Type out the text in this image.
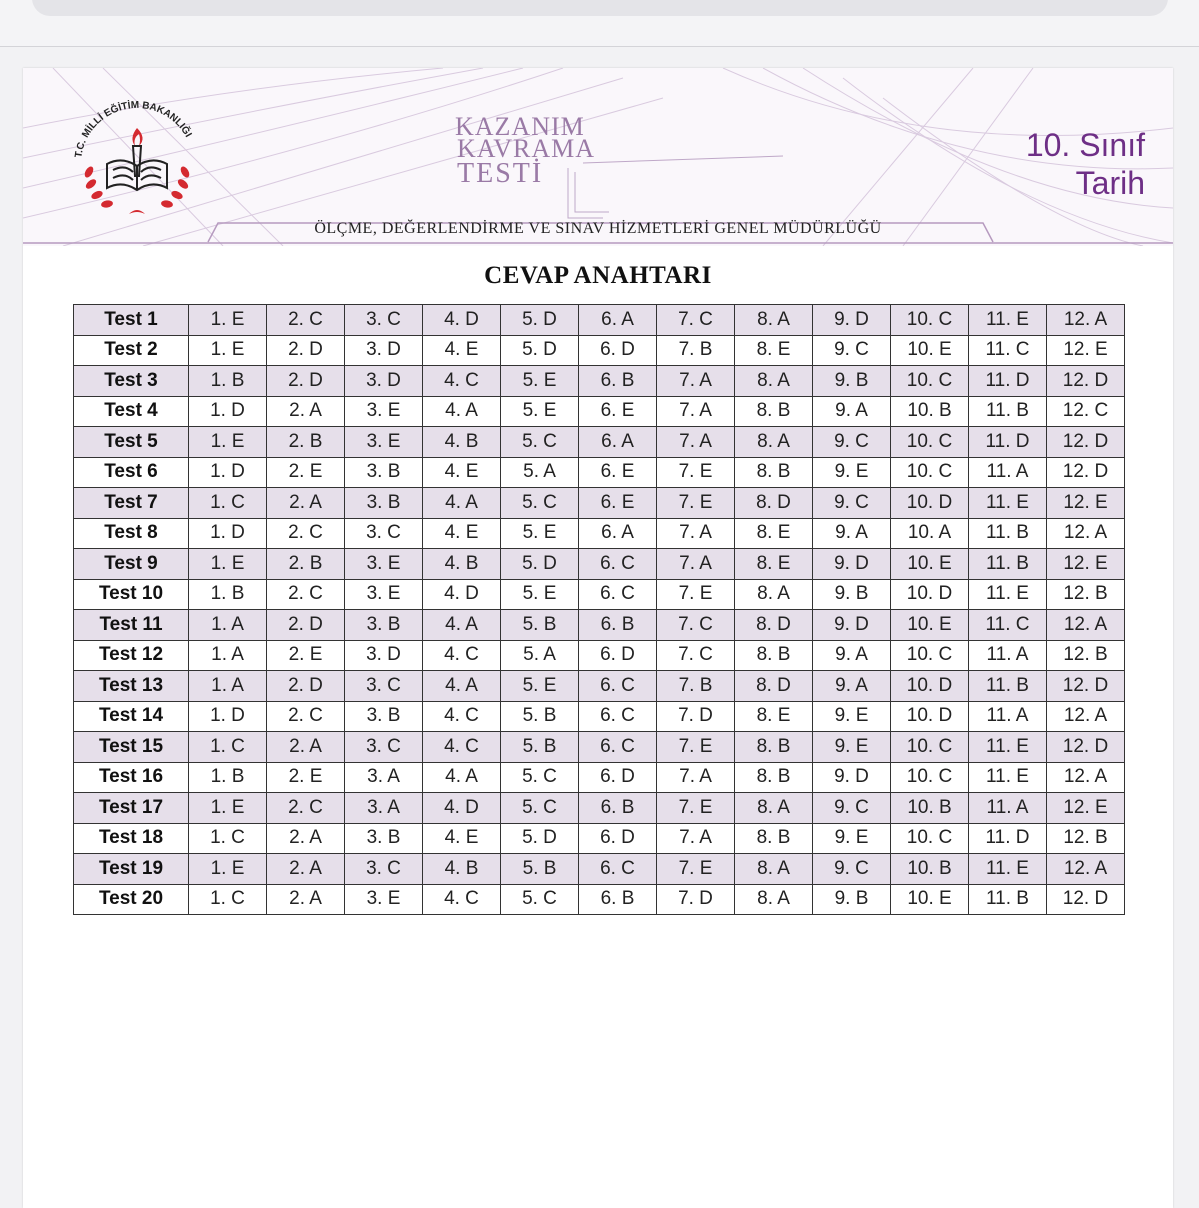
T.C. MİLLİ EĞİTİM BAKANLIĞI	KAZANIM
KAVRAMA
TESTİ
10. Sınıf
Tarih
ÖLÇME, DEĞERLENDİRME VE SINAV HİZMETLERİ GENEL MÜDÜRLÜĞÜ
CEVAP ANAHTARI
Test 1	1. E	2. C	3. C	4. D	5. D	6. A	7. C	8. A	9. D	10. C	11. E	12. A
Test 2	1. E	2. D	3. D	4. E	5. D	6. D	7. B	8. E	9. C	10. E	11. C	12. E
Test 3	1. B	2. D	3. D	4. C	5. E	6. B	7. A	8. A	9. B	10. C	11. D	12. D
Test 4	1. D	2. A	3. E	4. A	5. E	6. E	7. A	8. B	9. A	10. B	11. B	12. C
Test 5	1. E	2. B	3. E	4. B	5. C	6. A	7. A	8. A	9. C	10. C	11. D	12. D
Test 6	1. D	2. E	3. B	4. E	5. A	6. E	7. E	8. B	9. E	10. C	11. A	12. D
Test 7	1. C	2. A	3. B	4. A	5. C	6. E	7. E	8. D	9. C	10. D	11. E	12. E
Test 8	1. D	2. C	3. C	4. E	5. E	6. A	7. A	8. E	9. A	10. A	11. B	12. A
Test 9	1. E	2. B	3. E	4. B	5. D	6. C	7. A	8. E	9. D	10. E	11. B	12. E
Test 10	1. B	2. C	3. E	4. D	5. E	6. C	7. E	8. A	9. B	10. D	11. E	12. B
Test 11	1. A	2. D	3. B	4. A	5. B	6. B	7. C	8. D	9. D	10. E	11. C	12. A
Test 12	1. A	2. E	3. D	4. C	5. A	6. D	7. C	8. B	9. A	10. C	11. A	12. B
Test 13	1. A	2. D	3. C	4. A	5. E	6. C	7. B	8. D	9. A	10. D	11. B	12. D
Test 14	1. D	2. C	3. B	4. C	5. B	6. C	7. D	8. E	9. E	10. D	11. A	12. A
Test 15	1. C	2. A	3. C	4. C	5. B	6. C	7. E	8. B	9. E	10. C	11. E	12. D
Test 16	1. B	2. E	3. A	4. A	5. C	6. D	7. A	8. B	9. D	10. C	11. E	12. A
Test 17	1. E	2. C	3. A	4. D	5. C	6. B	7. E	8. A	9. C	10. B	11. A	12. E
Test 18	1. C	2. A	3. B	4. E	5. D	6. D	7. A	8. B	9. E	10. C	11. D	12. B
Test 19	1. E	2. A	3. C	4. B	5. B	6. C	7. E	8. A	9. C	10. B	11. E	12. A
Test 20	1. C	2. A	3. E	4. C	5. C	6. B	7. D	8. A	9. B	10. E	11. B	12. D
